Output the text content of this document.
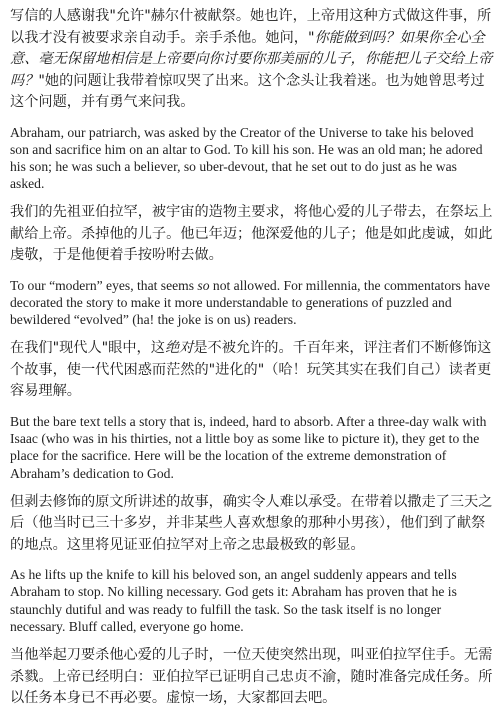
写信的人感谢我"允许"赫尔什被献祭。她也许，上帝用这种方式做这件事，所以我才没有被要求亲自动手。亲手杀他。她问，"你能做到吗？如果你全心全意、毫无保留地相信是上帝要向你讨要你那美丽的儿子，你能把儿子交给上帝吗？"她的问题让我带着惊叹哭了出来。这个念头让我着迷。也为她曾思考过这个问题，并有勇气来问我。

Abraham, our patriarch, was asked by the Creator of the Universe to take his beloved son and sacrifice him on an altar to God. To kill his son. He was an old man; he adored his son; he was such a believer, so uber-devout, that he set out to do just as he was asked.

我们的先祖亚伯拉罕，被宇宙的造物主要求，将他心爱的儿子带去，在祭坛上献给上帝。杀掉他的儿子。他已年迈；他深爱他的儿子；他是如此虔诚，如此虔敬，于是他便着手按吩咐去做。

To our “modern” eyes, that seems so not allowed. For millennia, the commentators have decorated the story to make it more understandable to generations of puzzled and bewildered “evolved” (ha! the joke is on us) readers.

在我们"现代人"眼中，这绝对是不被允许的。千百年来，评注者们不断修饰这个故事，使一代代困惑而茫然的"进化的"（哈！玩笑其实在我们自己）读者更容易理解。

But the bare text tells a story that is, indeed, hard to absorb. After a three-day walk with Isaac (who was in his thirties, not a little boy as some like to picture it), they get to the place for the sacrifice. Here will be the location of the extreme demonstration of Abraham’s dedication to God.

但剥去修饰的原文所讲述的故事，确实令人难以承受。在带着以撒走了三天之后（他当时已三十多岁，并非某些人喜欢想象的那种小男孩），他们到了献祭的地点。这里将见证亚伯拉罕对上帝之忠最极致的彰显。

As he lifts up the knife to kill his beloved son, an angel suddenly appears and tells Abraham to stop. No killing necessary. God gets it: Abraham has proven that he is staunchly dutiful and was ready to fulfill the task. So the task itself is no longer necessary. Bluff called, everyone go home.

当他举起刀要杀他心爱的儿子时，一位天使突然出现，叫亚伯拉罕住手。无需杀戮。上帝已经明白：亚伯拉罕已证明自己忠贞不渝，随时准备完成任务。所以任务本身已不再必要。虚惊一场，大家都回去吧。
